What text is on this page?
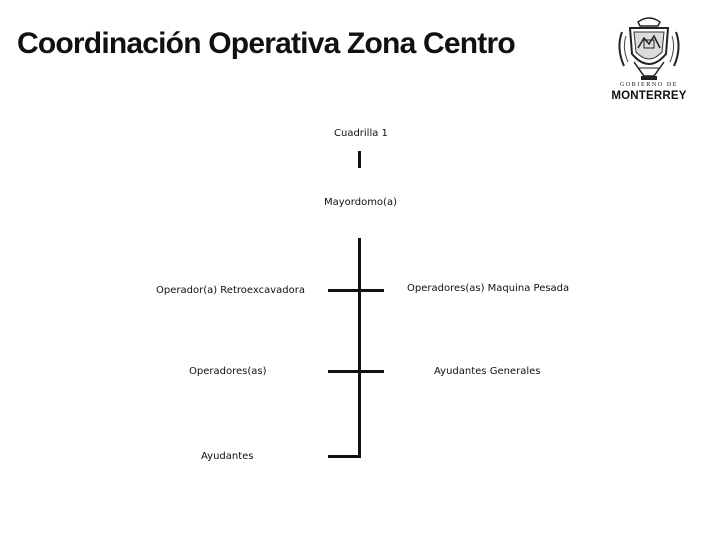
Coordinación Operativa Zona Centro
GOBIERNO DE
MONTERREY
Cuadrilla 1
Mayordomo(a)
Operador(a) Retroexcavadora
Operadores(as)
Ayudantes
Operadores(as) Maquina Pesada
Ayudantes Generales
